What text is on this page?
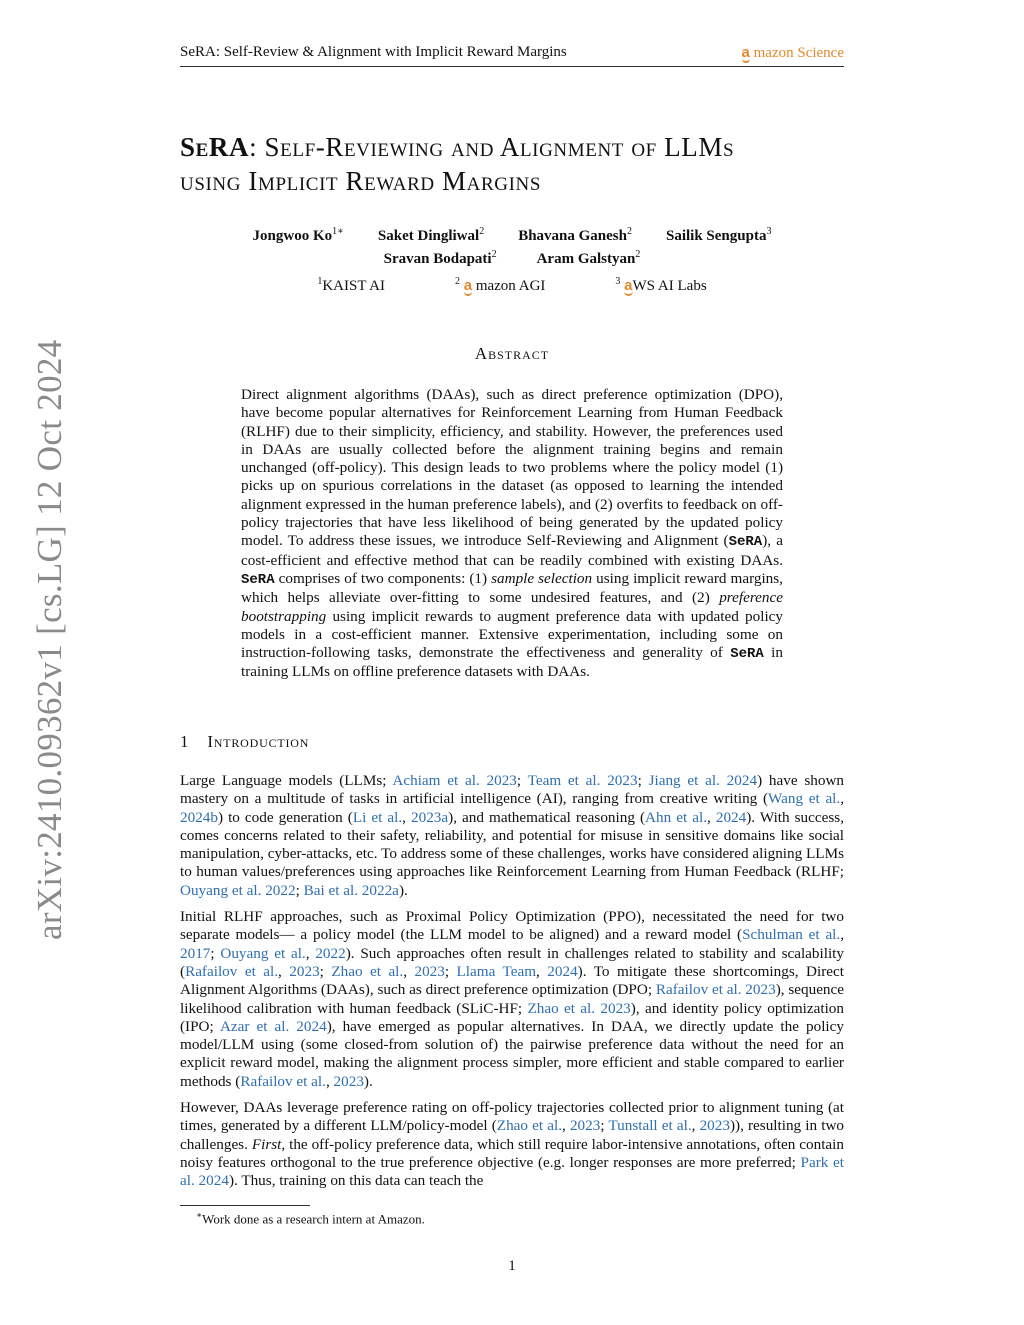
SeRA: Self-Review & Alignment with Implicit Reward Margins	a mazon Science
arXiv:2410.09362v1 [cs.LG] 12 Oct 2024
SeRA: Self-Reviewing and Alignment of LLMs
using Implicit Reward Margins
Jongwoo $Ko^{1∗}$ Saket Dingliwal$^2$ Bhavana Ganesh$^2$ Sailik Sengupta$^3$
Sravan Bodapati$^2$	Aram Galstyan$^2$
$^1$KAIST AI	$^2$ a mazon AGI	$^3$ aWS AI Labs
Abstract
Direct alignment algorithms (DAAs), such as direct preference optimization (DPO), have become popular alternatives for Reinforcement Learning from Human Feedback (RLHF) due to their simplicity, efficiency, and stability. However, the preferences used in DAAs are usually collected before the alignment training begins and remain unchanged (off-policy). This design leads to two problems where the policy model (1) picks up on spurious correlations in the dataset (as opposed to learning the intended alignment expressed in the human preference labels), and (2) overfits to feedback on off-policy trajectories that have less likelihood of being generated by the updated policy model. To address these issues, we introduce Self-Reviewing and Alignment (SeRA), a cost-efficient and effective method that can be readily combined with existing DAAs. SeRA comprises of two components: (1) sample selection using implicit reward margins, which helps alleviate over-fitting to some undesired features, and (2) preference bootstrapping using implicit rewards to augment preference data with updated policy models in a cost-efficient manner. Extensive experimentation, including some on instruction-following tasks, demonstrate the effectiveness and generality of SeRA in training LLMs on offline preference datasets with DAAs.
1 Introduction

Large Language models (LLMs; Achiam et al. 2023; Team et al. 2023; Jiang et al. 2024) have shown mastery on a multitude of tasks in artificial intelligence (AI), ranging from creative writing (Wang et al., 2024b) to code generation (Li et al., 2023a), and mathematical reasoning (Ahn et al., 2024). With success, comes concerns related to their safety, reliability, and potential for misuse in sensitive domains like social manipulation, cyber-attacks, etc. To address some of these challenges, works have considered aligning LLMs to human values/preferences using approaches like Reinforcement Learning from Human Feedback (RLHF; Ouyang et al. 2022; Bai et al. 2022a).

Initial RLHF approaches, such as Proximal Policy Optimization (PPO), necessitated the need for two separate models— a policy model (the LLM model to be aligned) and a reward model (Schulman et al., 2017; Ouyang et al., 2022). Such approaches often result in challenges related to stability and scalability (Rafailov et al., 2023; Zhao et al., 2023; Llama Team, 2024). To mitigate these shortcomings, Direct Alignment Algorithms (DAAs), such as direct preference optimization (DPO; Rafailov et al. 2023), sequence likelihood calibration with human feedback (SLiC-HF; Zhao et al. 2023), and identity policy optimization (IPO; Azar et al. 2024), have emerged as popular alternatives. In DAA, we directly update the policy model/LLM using (some closed-from solution of) the pairwise preference data without the need for an explicit reward model, making the alignment process simpler, more efficient and stable compared to earlier methods (Rafailov et al., 2023).

However, DAAs leverage preference rating on off-policy trajectories collected prior to alignment tuning (at times, generated by a different LLM/policy-model (Zhao et al., 2023; Tunstall et al., 2023)), resulting in two challenges. First, the off-policy preference data, which still require labor-intensive annotations, often contain noisy features orthogonal to the true preference objective (e.g. longer responses are more preferred; Park et al. 2024). Thus, training on this data can teach the

∗Work done as a research intern at Amazon.
1
